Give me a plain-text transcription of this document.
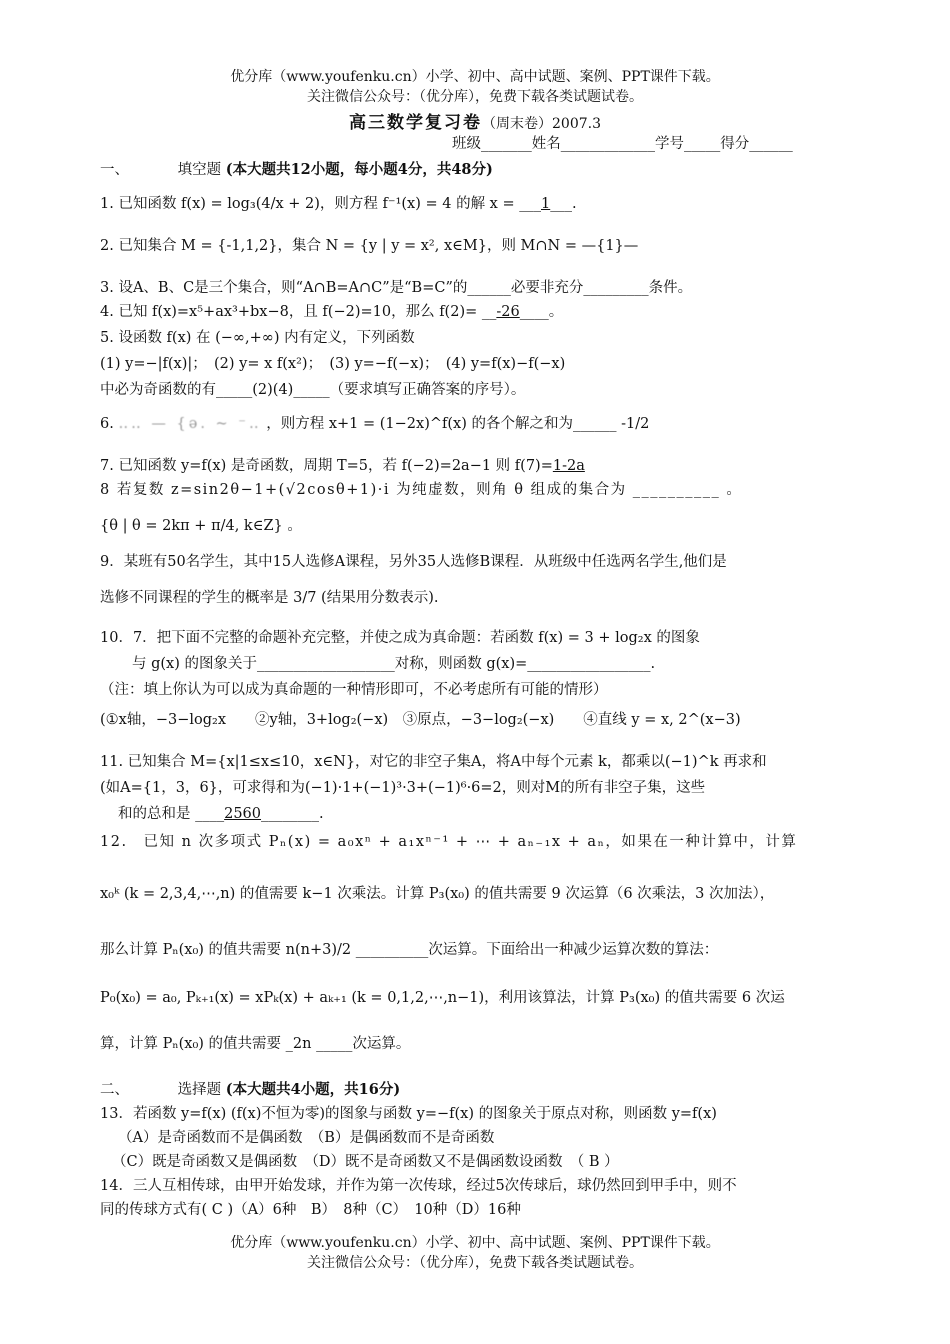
优分库（www.youfenku.cn）小学、初中、高中试题、案例、PPT课件下载。
关注微信公众号：（优分库），免费下载各类试题试卷。
高三数学复习卷（周末卷）2007.3
班级_______姓名_____________学号_____得分______
一、	填空题 (本大题共12小题，每小题4分，共48分)
1. 已知函数 f(x) = log₃(4/x + 2)，则方程 f⁻¹(x) = 4 的解 x = ___1___.
2. 已知集合 M = {-1,1,2}，集合 N = {y | y = x², x∈M}，则 M∩N = —{1}—
3. 设A、B、C是三个集合，则“A∩B=A∩C”是“B=C”的______必要非充分_________条件。
4. 已知 f(x)=x⁵+ax³+bx−8，且 f(−2)=10，那么 f(2)= __-26____。
5. 设函数 f(x) 在 (−∞,+∞) 内有定义，下列函数
(1) y=−|f(x)|；　(2) y= x f(x²)；　(3) y=−f(−x)；　(4) y=f(x)−f(−x)
中必为奇函数的有_____(2)(4)_____（要求填写正确答案的序号）。
6. ‥‥ — {ǝ. ~ ⁻‥ ，则方程 x+1 = (1−2x)^f(x) 的各个解之和为______ -1/2
7. 已知函数 y=f(x) 是奇函数，周期 T=5，若 f(−2)=2a−1 则 f(7)=1-2a
8 若复数 z=sin2θ−1+(√2cosθ+1)·i 为纯虚数，则角 θ 组成的集合为 __________ 。
{θ | θ = 2kπ + π/4, k∈Z} 。
9．某班有50名学生，其中15人选修A课程，另外35人选修B课程．从班级中任选两名学生,他们是
选修不同课程的学生的概率是 3/7 (结果用分数表示).
10．7．把下面不完整的命题补充完整，并使之成为真命题：若函数 f(x) = 3 + log₂x 的图象
与 g(x) 的图象关于___________________对称，则函数 g(x)=_________________.
（注：填上你认为可以成为真命题的一种情形即可，不必考虑所有可能的情形）
(①x轴，−3−log₂x　　②y轴，3+log₂(−x)　③原点，−3−log₂(−x)　　④直线 y = x, 2^(x−3)
11. 已知集合 M={x|1≤x≤10，x∈N}，对它的非空子集A，将A中每个元素 k，都乘以(−1)^k 再求和
(如A={1，3，6}，可求得和为(−1)·1+(−1)³·3+(−1)⁶·6=2，则对M的所有非空子集，这些
和的总和是 ____2560________.
12.　已知 n 次多项式 Pₙ(x) = a₀xⁿ + a₁xⁿ⁻¹ + ⋯ + aₙ₋₁x + aₙ，如果在一种计算中，计算
x₀ᵏ (k = 2,3,4,⋯,n) 的值需要 k−1 次乘法。计算 P₃(x₀) 的值共需要 9 次运算（6 次乘法，3 次加法），
那么计算 Pₙ(x₀) 的值共需要 n(n+3)/2 __________次运算。下面给出一种减少运算次数的算法：
P₀(x₀) = a₀, Pₖ₊₁(x) = xPₖ(x) + aₖ₊₁ (k = 0,1,2,⋯,n−1)，利用该算法，计算 P₃(x₀) 的值共需要 6 次运
算，计算 Pₙ(x₀) 的值共需要 _2n _____次运算。
二、	选择题 (本大题共4小题，共16分)
13．若函数 y=f(x) (f(x)不恒为零)的图象与函数 y=−f(x) 的图象关于原点对称，则函数 y=f(x)
（A）是奇函数而不是偶函数　（B）是偶函数而不是奇函数
（C）既是奇函数又是偶函数　（D）既不是奇函数又不是偶函数设函数　（ B ）
14．三人互相传球，由甲开始发球，并作为第一次传球，经过5次传球后，球仍然回到甲手中，则不
同的传球方式有( C )（A）6种　B）　8种（C）　10种（D）16种
优分库（www.youfenku.cn）小学、初中、高中试题、案例、PPT课件下载。
关注微信公众号：（优分库），免费下载各类试题试卷。
